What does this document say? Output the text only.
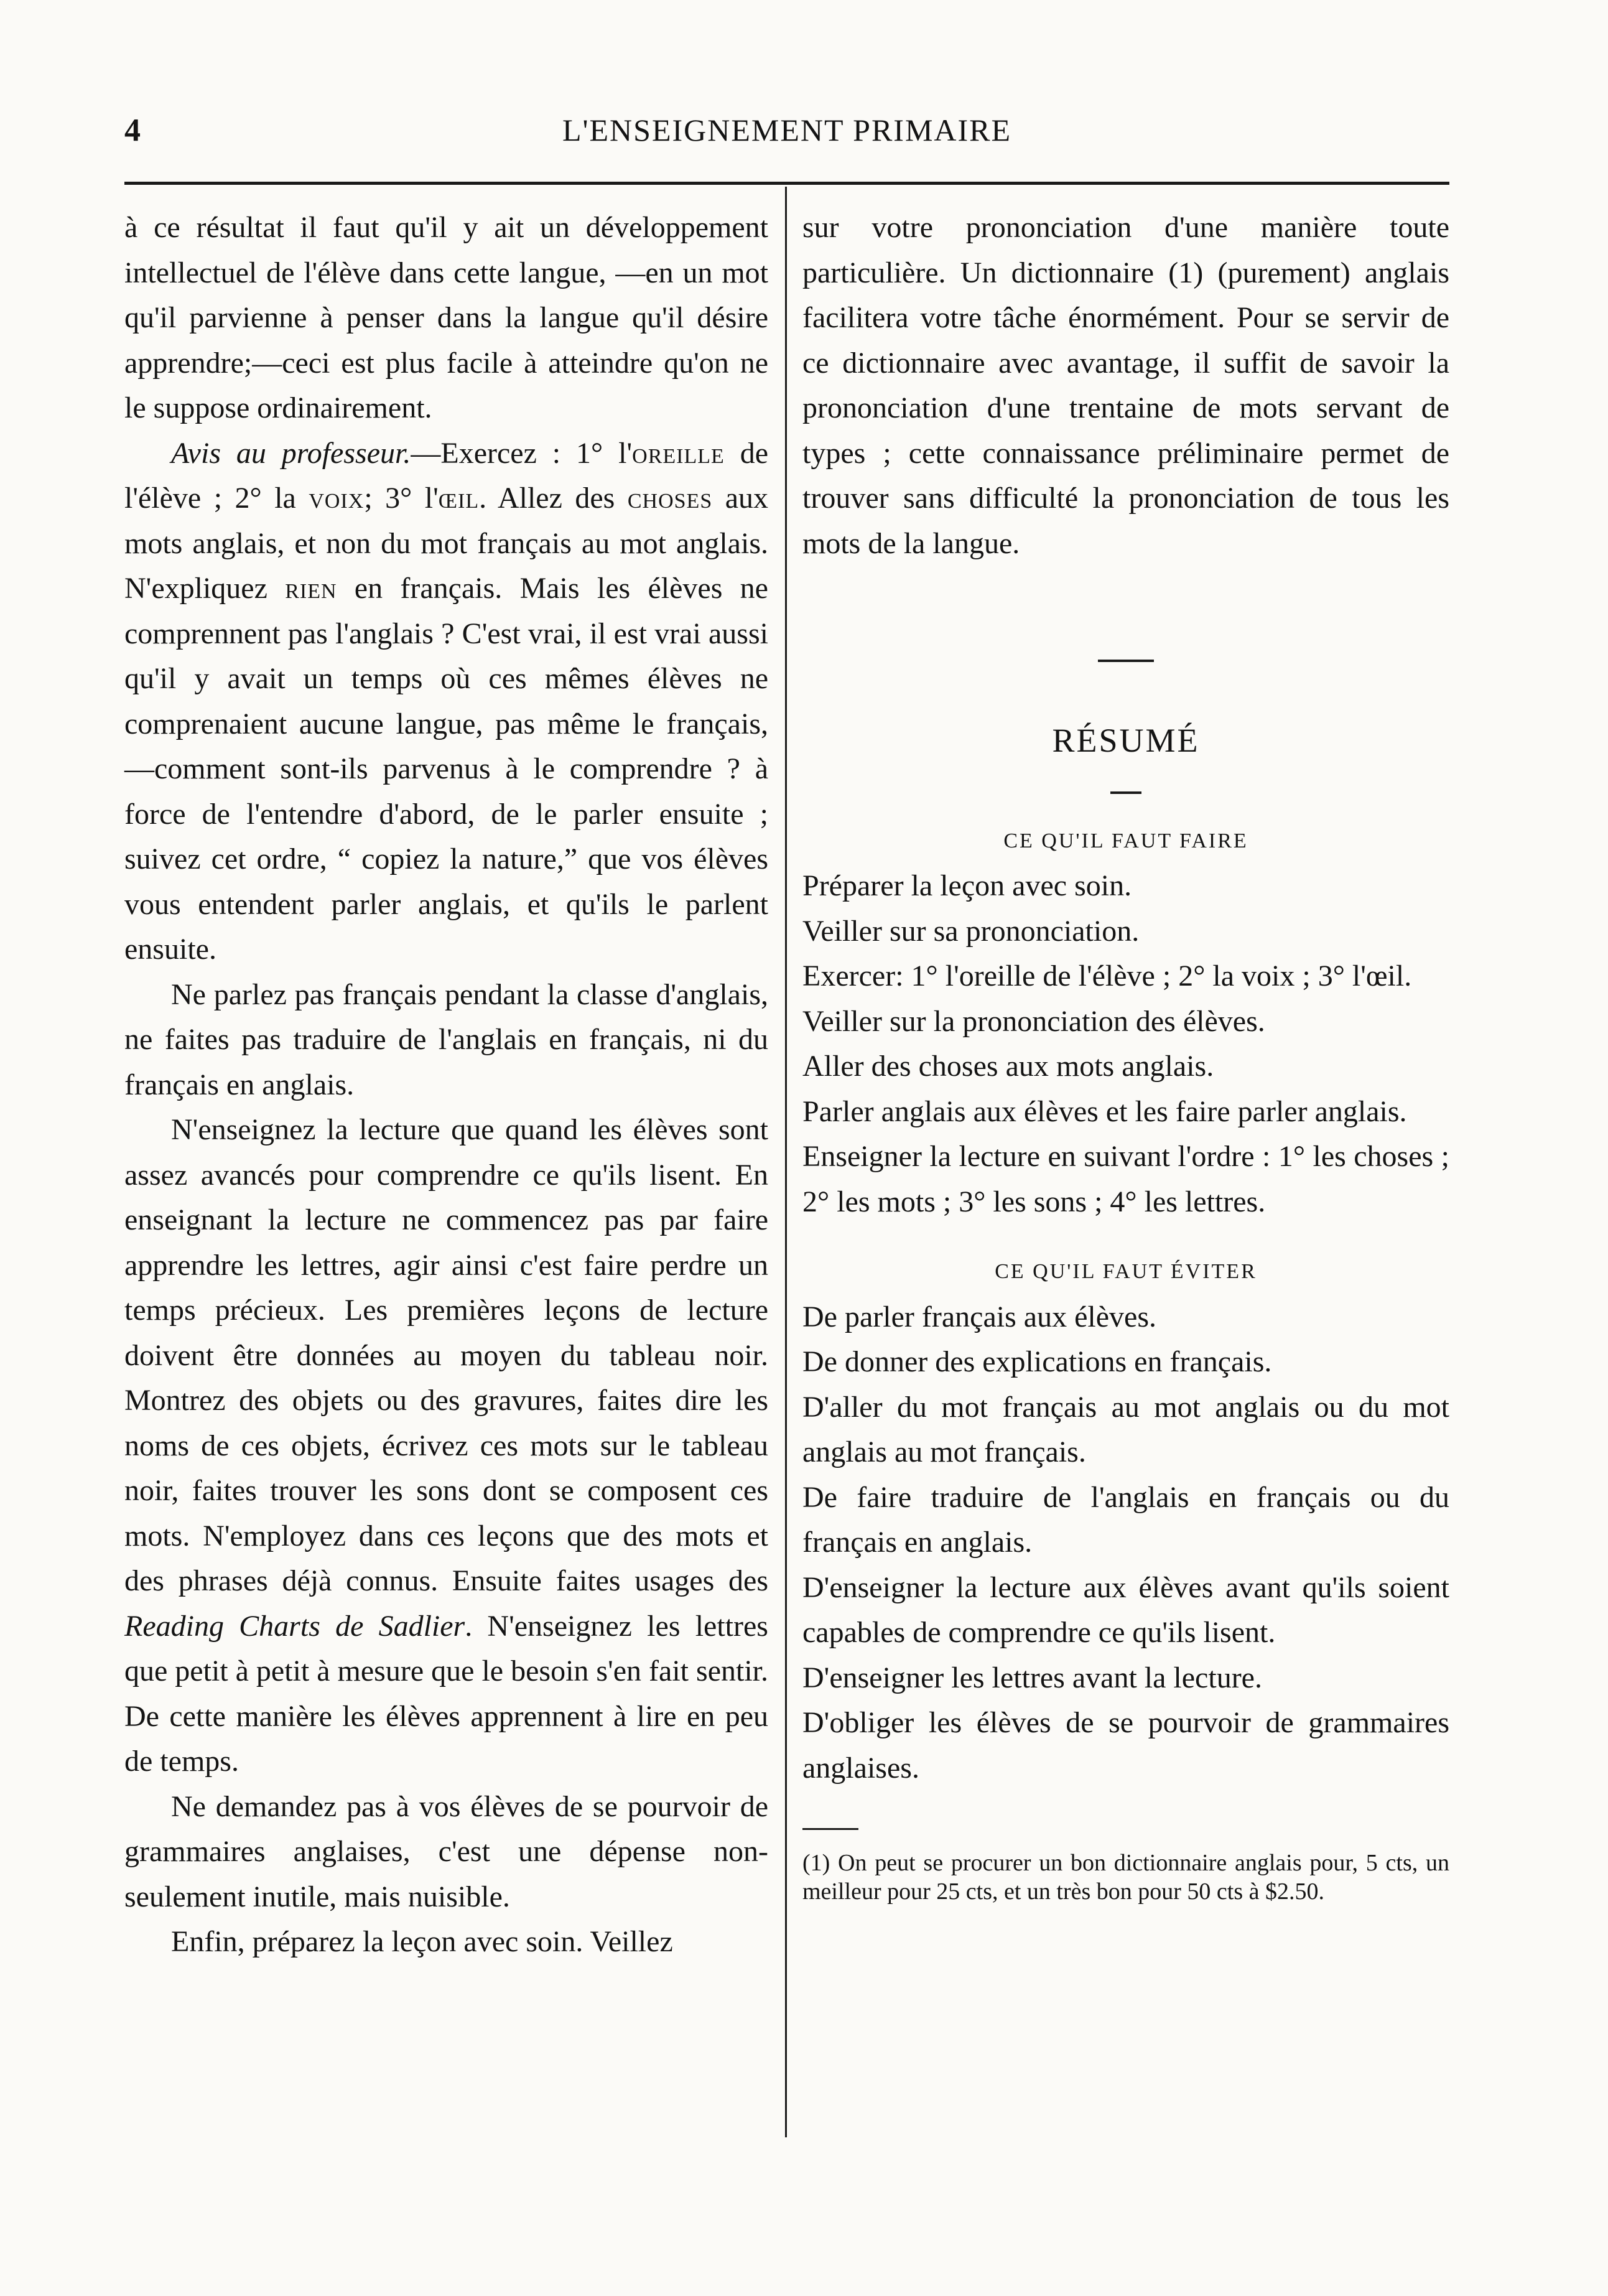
4	L'ENSEIGNEMENT PRIMAIRE

à ce résultat il faut qu'il y ait un développement intellectuel de l'élève dans cette langue, —en un mot qu'il parvienne à penser dans la langue qu'il désire apprendre;—ceci est plus facile à atteindre qu'on ne le suppose ordinairement.

Avis au professeur.—Exercez : 1° l'oreille de l'élève ; 2° la voix; 3° l'œil. Allez des choses aux mots anglais, et non du mot français au mot anglais. N'expliquez rien en français. Mais les élèves ne comprennent pas l'anglais ? C'est vrai, il est vrai aussi qu'il y avait un temps où ces mêmes élèves ne comprenaient aucune langue, pas même le français,—comment sont-ils parvenus à le comprendre ? à force de l'entendre d'abord, de le parler ensuite ; suivez cet ordre, “ copiez la nature,” que vos élèves vous entendent parler anglais, et qu'ils le parlent ensuite.

Ne parlez pas français pendant la classe d'anglais, ne faites pas traduire de l'anglais en français, ni du français en anglais.

N'enseignez la lecture que quand les élèves sont assez avancés pour comprendre ce qu'ils lisent. En enseignant la lecture ne commencez pas par faire apprendre les lettres, agir ainsi c'est faire perdre un temps précieux. Les premières leçons de lecture doivent être données au moyen du tableau noir. Montrez des objets ou des gravures, faites dire les noms de ces objets, écrivez ces mots sur le tableau noir, faites trouver les sons dont se composent ces mots. N'employez dans ces leçons que des mots et des phrases déjà connus. Ensuite faites usages des Reading Charts de Sadlier. N'enseignez les lettres que petit à petit à mesure que le besoin s'en fait sentir. De cette manière les élèves apprennent à lire en peu de temps.

Ne demandez pas à vos élèves de se pourvoir de grammaires anglaises, c'est une dépense non-seulement inutile, mais nuisible.

Enfin, préparez la leçon avec soin. Veillez

sur votre prononciation d'une manière toute particulière. Un dictionnaire (1) (purement) anglais facilitera votre tâche énormément. Pour se servir de ce dictionnaire avec avantage, il suffit de savoir la prononciation d'une trentaine de mots servant de types ; cette connaissance préliminaire permet de trouver sans difficulté la prononciation de tous les mots de la langue.

RÉSUMÉ

CE QU'IL FAUT FAIRE

Préparer la leçon avec soin.

Veiller sur sa prononciation.

Exercer: 1° l'oreille de l'élève ; 2° la voix ; 3° l'œil.

Veiller sur la prononciation des élèves.

Aller des choses aux mots anglais.

Parler anglais aux élèves et les faire parler anglais.

Enseigner la lecture en suivant l'ordre : 1° les choses ; 2° les mots ; 3° les sons ; 4° les lettres.

CE QU'IL FAUT ÉVITER

De parler français aux élèves.

De donner des explications en français.

D'aller du mot français au mot anglais ou du mot anglais au mot français.

De faire traduire de l'anglais en français ou du français en anglais.

D'enseigner la lecture aux élèves avant qu'ils soient capables de comprendre ce qu'ils lisent.

D'enseigner les lettres avant la lecture.

D'obliger les élèves de se pourvoir de grammaires anglaises.

(1) On peut se procurer un bon dictionnaire anglais pour, 5 cts, un meilleur pour 25 cts, et un très bon pour 50 cts à $2.50.
